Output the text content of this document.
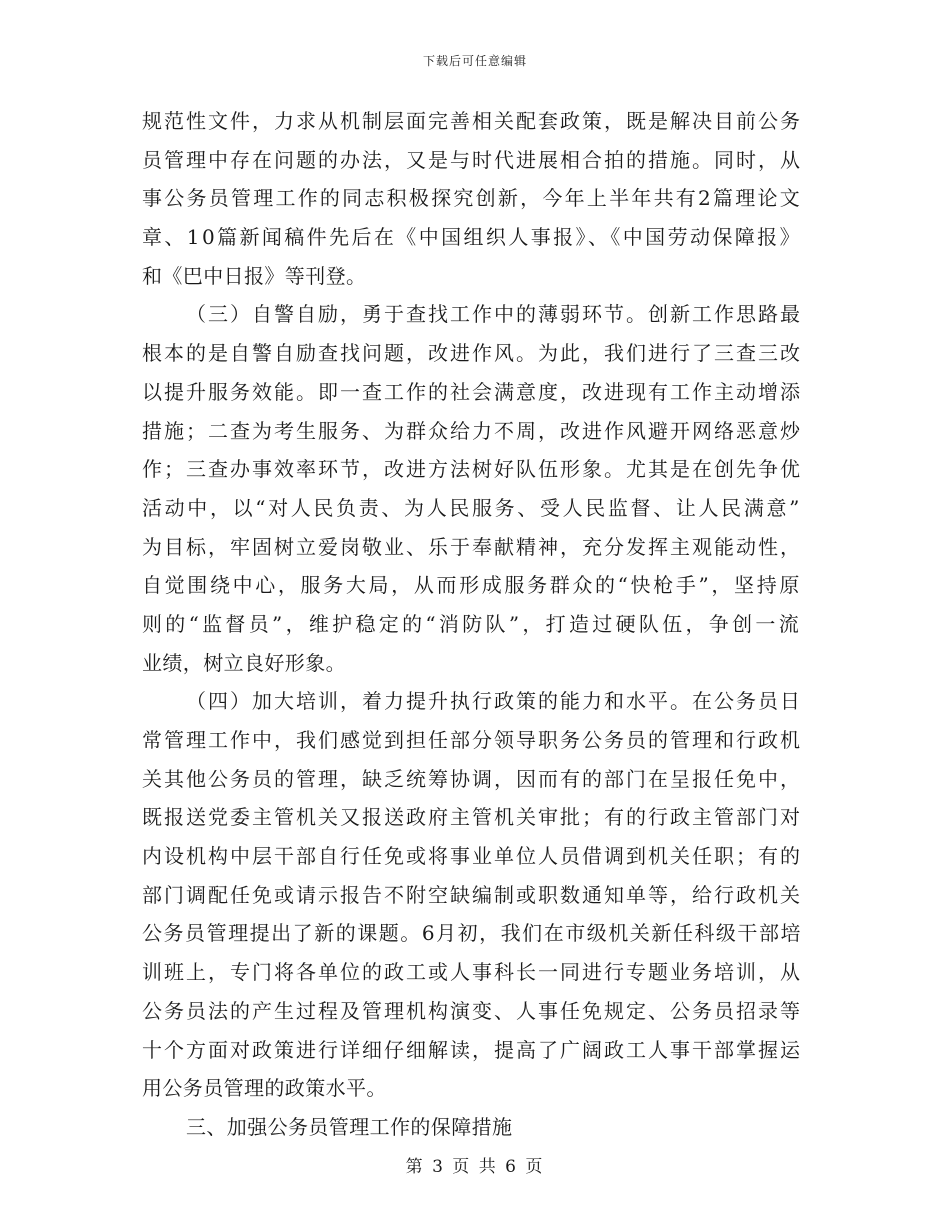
下载后可任意编辑
规范性文件，力求从机制层面完善相关配套政策，既是解决目前公务
员管理中存在问题的办法，又是与时代进展相合拍的措施。同时，从
事公务员管理工作的同志积极探究创新，今年上半年共有2篇理论文
章、10篇新闻稿件先后在《中国组织人事报》、《中国劳动保障报》
和《巴中日报》等刊登。
（三）自警自励，勇于查找工作中的薄弱环节。创新工作思路最
根本的是自警自励查找问题，改进作风。为此，我们进行了三查三改
以提升服务效能。即一查工作的社会满意度，改进现有工作主动增添
措施；二查为考生服务、为群众给力不周，改进作风避开网络恶意炒
作；三查办事效率环节，改进方法树好队伍形象。尤其是在创先争优
活动中，以“对人民负责、为人民服务、受人民监督、让人民满意”
为目标，牢固树立爱岗敬业、乐于奉献精神，充分发挥主观能动性，
自觉围绕中心，服务大局，从而形成服务群众的“快枪手”，坚持原
则的“监督员”，维护稳定的“消防队”，打造过硬队伍，争创一流
业绩，树立良好形象。
（四）加大培训，着力提升执行政策的能力和水平。在公务员日
常管理工作中，我们感觉到担任部分领导职务公务员的管理和行政机
关其他公务员的管理，缺乏统筹协调，因而有的部门在呈报任免中，
既报送党委主管机关又报送政府主管机关审批；有的行政主管部门对
内设机构中层干部自行任免或将事业单位人员借调到机关任职；有的
部门调配任免或请示报告不附空缺编制或职数通知单等，给行政机关
公务员管理提出了新的课题。6月初，我们在市级机关新任科级干部培
训班上，专门将各单位的政工或人事科长一同进行专题业务培训，从
公务员法的产生过程及管理机构演变、人事任免规定、公务员招录等
十个方面对政策进行详细仔细解读，提高了广阔政工人事干部掌握运
用公务员管理的政策水平。
三、加强公务员管理工作的保障措施
第 3 页 共 6 页
